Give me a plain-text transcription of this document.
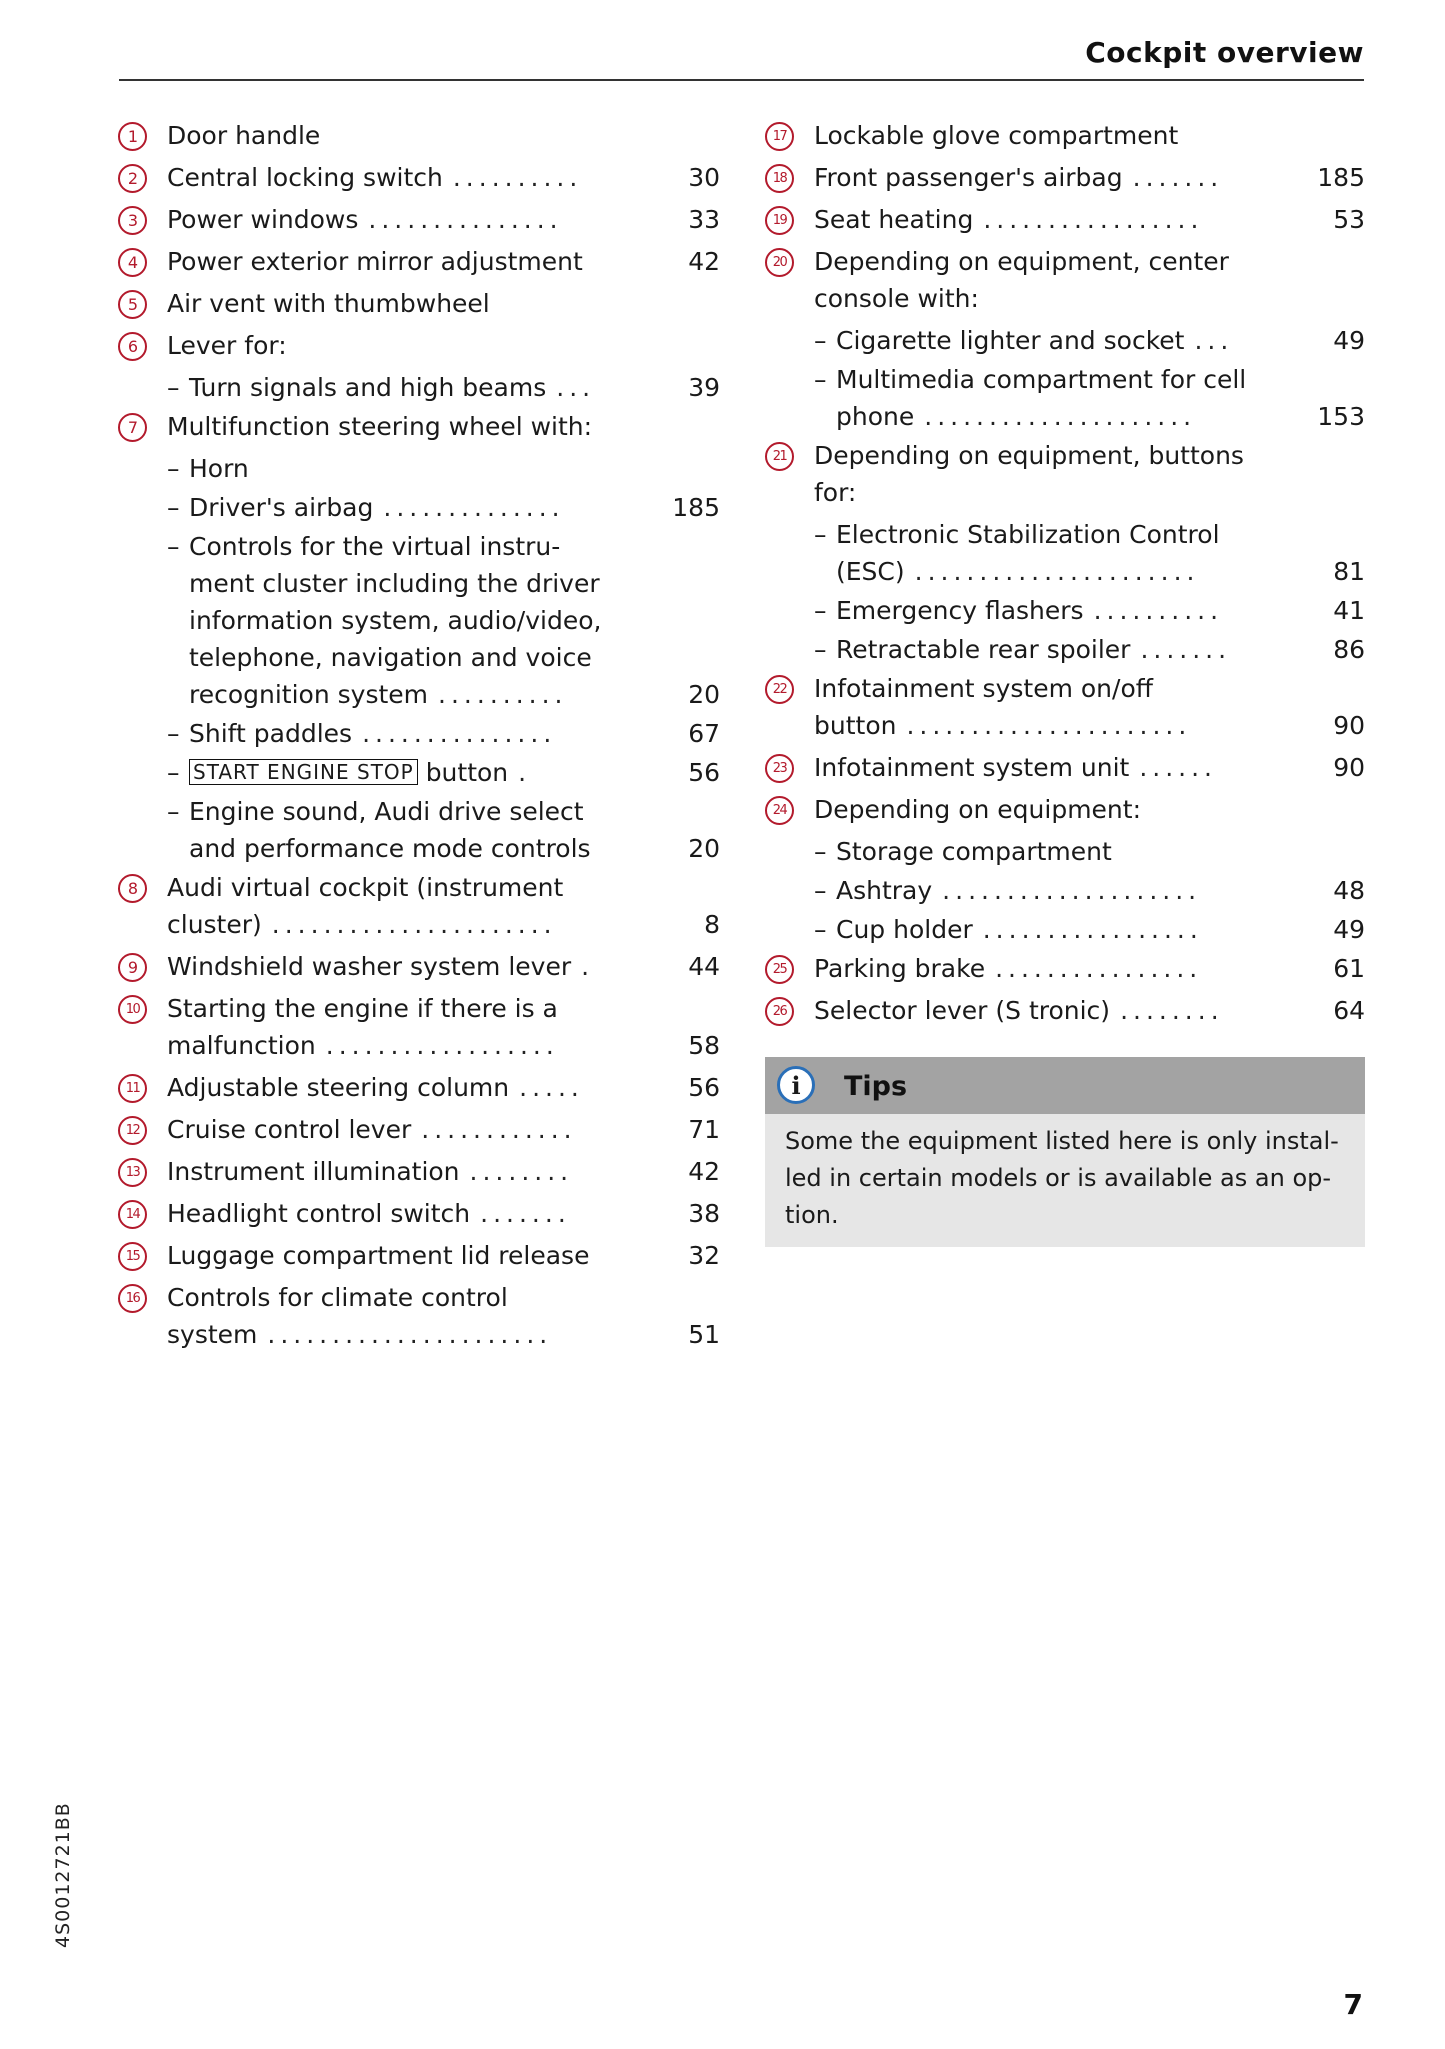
Cockpit overview
1	Door handle
2	Central locking switch ..........	30
3	Power windows ...............	33
4	Power exterior mirror adjustment	42
5	Air vent with thumbwheel
6	Lever for:
– Turn signals and high beams ...	39
7	Multifunction steering wheel with:
– Horn
– Driver's airbag ..............	185
– Controls for the virtual instru-
ment cluster including the driver
information system, audio/video,
telephone, navigation and voice
recognition system ..........	20
– Shift paddles ...............	67
– START ENGINE STOP button .	56
– Engine sound, Audi drive select
and performance mode controls	20
8	Audi virtual cockpit (instrument
cluster) ......................	8
9	Windshield washer system lever .	44
10	Starting the engine if there is a
malfunction ..................	58
11	Adjustable steering column .....	56
12	Cruise control lever ............	71
13	Instrument illumination ........	42
14	Headlight control switch .......	38
15	Luggage compartment lid release	32
16	Controls for climate control
system ......................	51
17	Lockable glove compartment
18	Front passenger's airbag .......	185
19	Seat heating .................	53
20	Depending on equipment, center
console with:
– Cigarette lighter and socket ...	49
– Multimedia compartment for cell
phone .....................	153
21	Depending on equipment, buttons
for:
– Electronic Stabilization Control
(ESC) ......................	81
– Emergency flashers ..........	41
– Retractable rear spoiler .......	86
22	Infotainment system on/off
button ......................	90
23	Infotainment system unit ......	90
24	Depending on equipment:
– Storage compartment
– Ashtray ....................	48
– Cup holder .................	49
25	Parking brake ................	61
26	Selector lever (S tronic) ........	64
i	Tips
Some the equipment listed here is only instal-
led in certain models or is available as an op-
tion.
4S0012721BB
7
